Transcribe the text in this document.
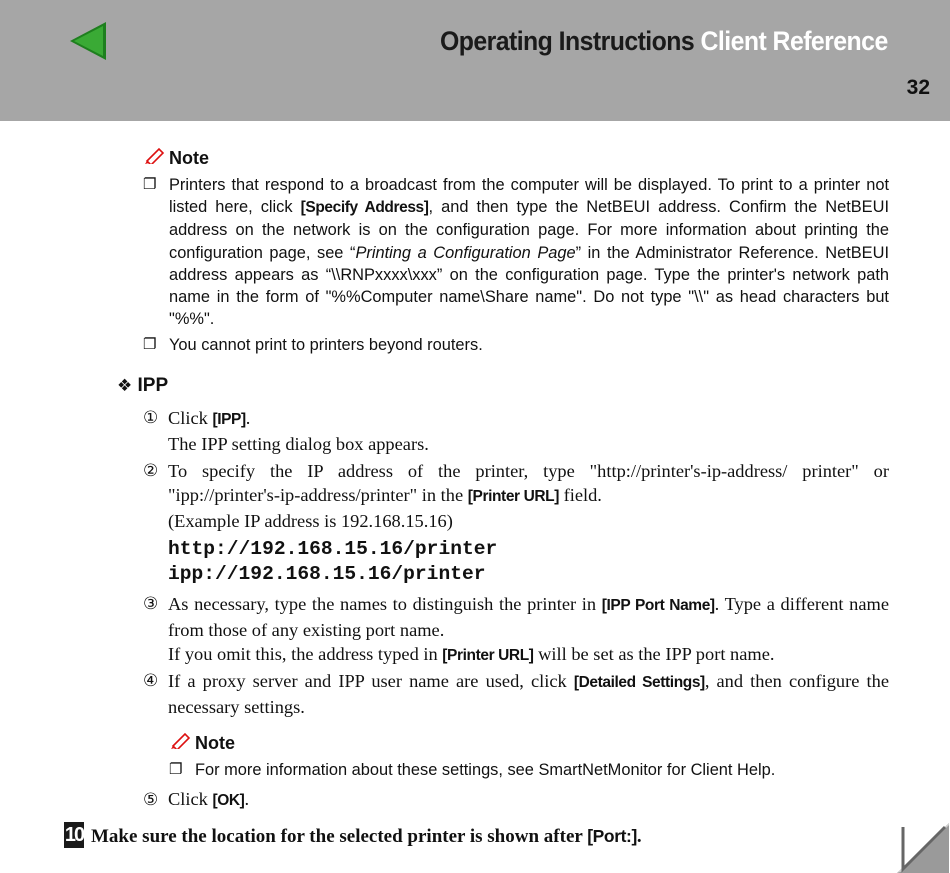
Operating Instructions Client Reference
32
Note
❐ Printers that respond to a broadcast from the computer will be displayed. To print to a printer not listed here, click [Specify Address], and then type the NetBEUI address. Confirm the NetBEUI address on the network is on the configuration page. For more information about printing the configuration page, see “Printing a Configuration Page” in the Administrator Reference. NetBEUI address appears as “\\RNPxxxx\xxx” on the configuration page. Type the printer's network path name in the form of "%%Computer name\Share name". Do not type "\\" as head characters but "%%".
❐ You cannot print to printers beyond routers.
❖ IPP
① Click [IPP].
The IPP setting dialog box appears.
② To specify the IP address of the printer, type "http://printer's-ip-address/ printer" or "ipp://printer's-ip-address/printer" in the [Printer URL] field.
(Example IP address is 192.168.15.16)
http://192.168.15.16/printer
ipp://192.168.15.16/printer
③ As necessary, type the names to distinguish the printer in [IPP Port Name]. Type a different name from those of any existing port name.
If you omit this, the address typed in [Printer URL] will be set as the IPP port name.
④ If a proxy server and IPP user name are used, click [Detailed Settings], and then configure the necessary settings.
Note
❐ For more information about these settings, see SmartNetMonitor for Client Help.
⑤ Click [OK].
10 Make sure the location for the selected printer is shown after [Port:].
